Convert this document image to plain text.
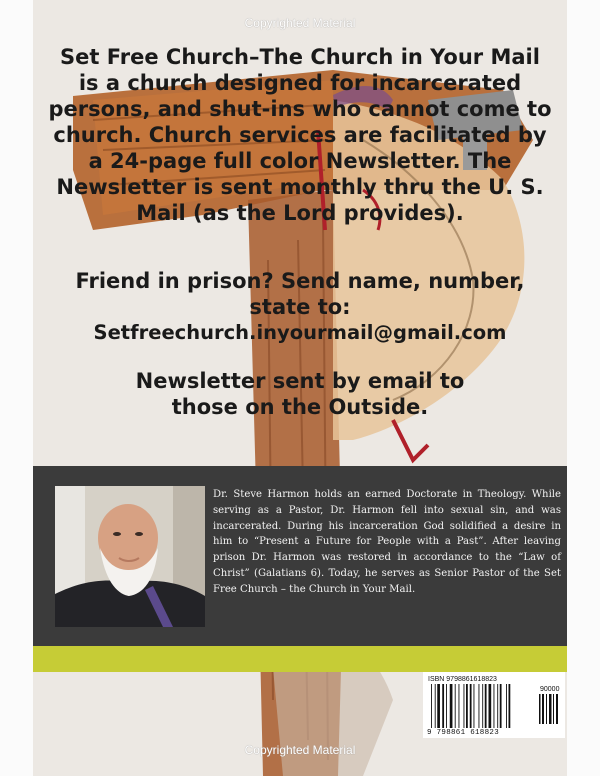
Copyrighted Material

Set Free Church–The Church in Your Mail is a church designed for incarcerated persons, and shut-ins who cannot come to church. Church services are facilitated by a 24-page full color Newsletter. The Newsletter is sent monthly thru the U. S. Mail (as the Lord provides).

Friend in prison? Send name, number, state to:

Setfreechurch.inyourmail@gmail.com

Newsletter sent by email to those on the Outside.

Dr. Steve Harmon holds an earned Doctorate in Theology. While serving as a Pastor, Dr. Harmon fell into sexual sin, and was incarcerated. During his incarceration God solidified a desire in him to “Present a Future for People with a Past”. After leaving prison Dr. Harmon was restored in accordance to the “Law of Christ” (Galatians 6). Today, he serves as Senior Pastor of the Set Free Church – the Church in Your Mail.

ISBN 9798861618823
90000
9 798861 618823
Copyrighted Material
